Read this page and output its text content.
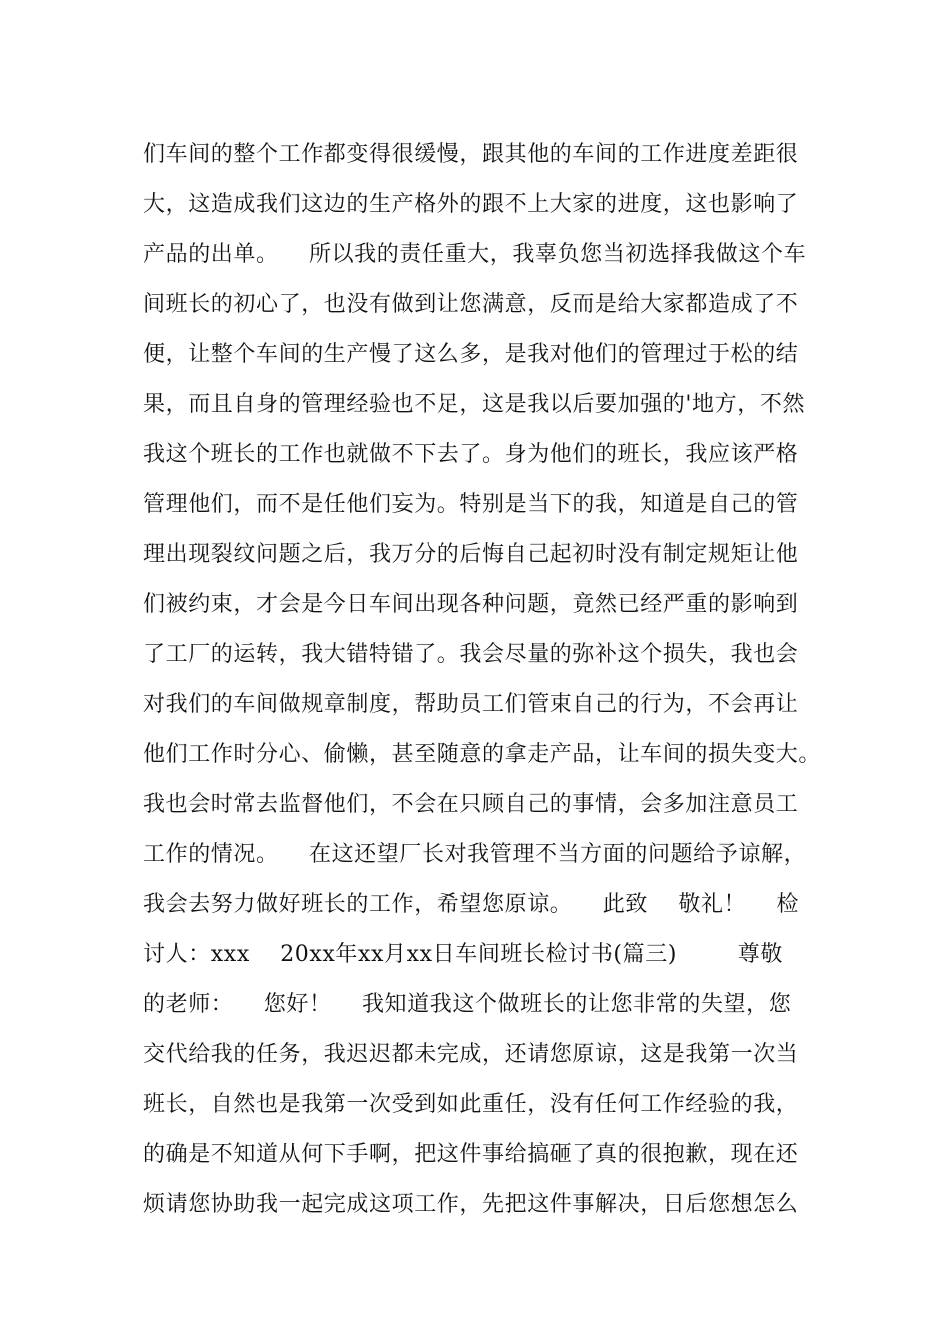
们车间的整个工作都变得很缓慢，跟其他的车间的工作进度差距很
大，这造成我们这边的生产格外的跟不上大家的进度，这也影响了
产品的出单。    所以我的责任重大，我辜负您当初选择我做这个车
间班长的初心了，也没有做到让您满意，反而是给大家都造成了不
便，让整个车间的生产慢了这么多，是我对他们的管理过于松的结
果，而且自身的管理经验也不足，这是我以后要加强的'地方，不然
我这个班长的工作也就做不下去了。身为他们的班长，我应该严格
管理他们，而不是任他们妄为。特别是当下的我，知道是自己的管
理出现裂纹问题之后，我万分的后悔自己起初时没有制定规矩让他
们被约束，才会是今日车间出现各种问题，竟然已经严重的影响到
了工厂的运转，我大错特错了。我会尽量的弥补这个损失，我也会
对我们的车间做规章制度，帮助员工们管束自己的行为，不会再让
他们工作时分心、偷懒，甚至随意的拿走产品，让车间的损失变大。
我也会时常去监督他们，不会在只顾自己的事情，会多加注意员工
工作的情况。    在这还望厂长对我管理不当方面的问题给予谅解，
我会去努力做好班长的工作，希望您原谅。    此致    敬礼！    检
讨人：xxx    20xx年xx月xx日车间班长检讨书(篇三)        尊敬
的老师：    您好！    我知道我这个做班长的让您非常的失望，您
交代给我的任务，我迟迟都未完成，还请您原谅，这是我第一次当
班长，自然也是我第一次受到如此重任，没有任何工作经验的我，
的确是不知道从何下手啊，把这件事给搞砸了真的很抱歉，现在还
烦请您协助我一起完成这项工作，先把这件事解决，日后您想怎么
